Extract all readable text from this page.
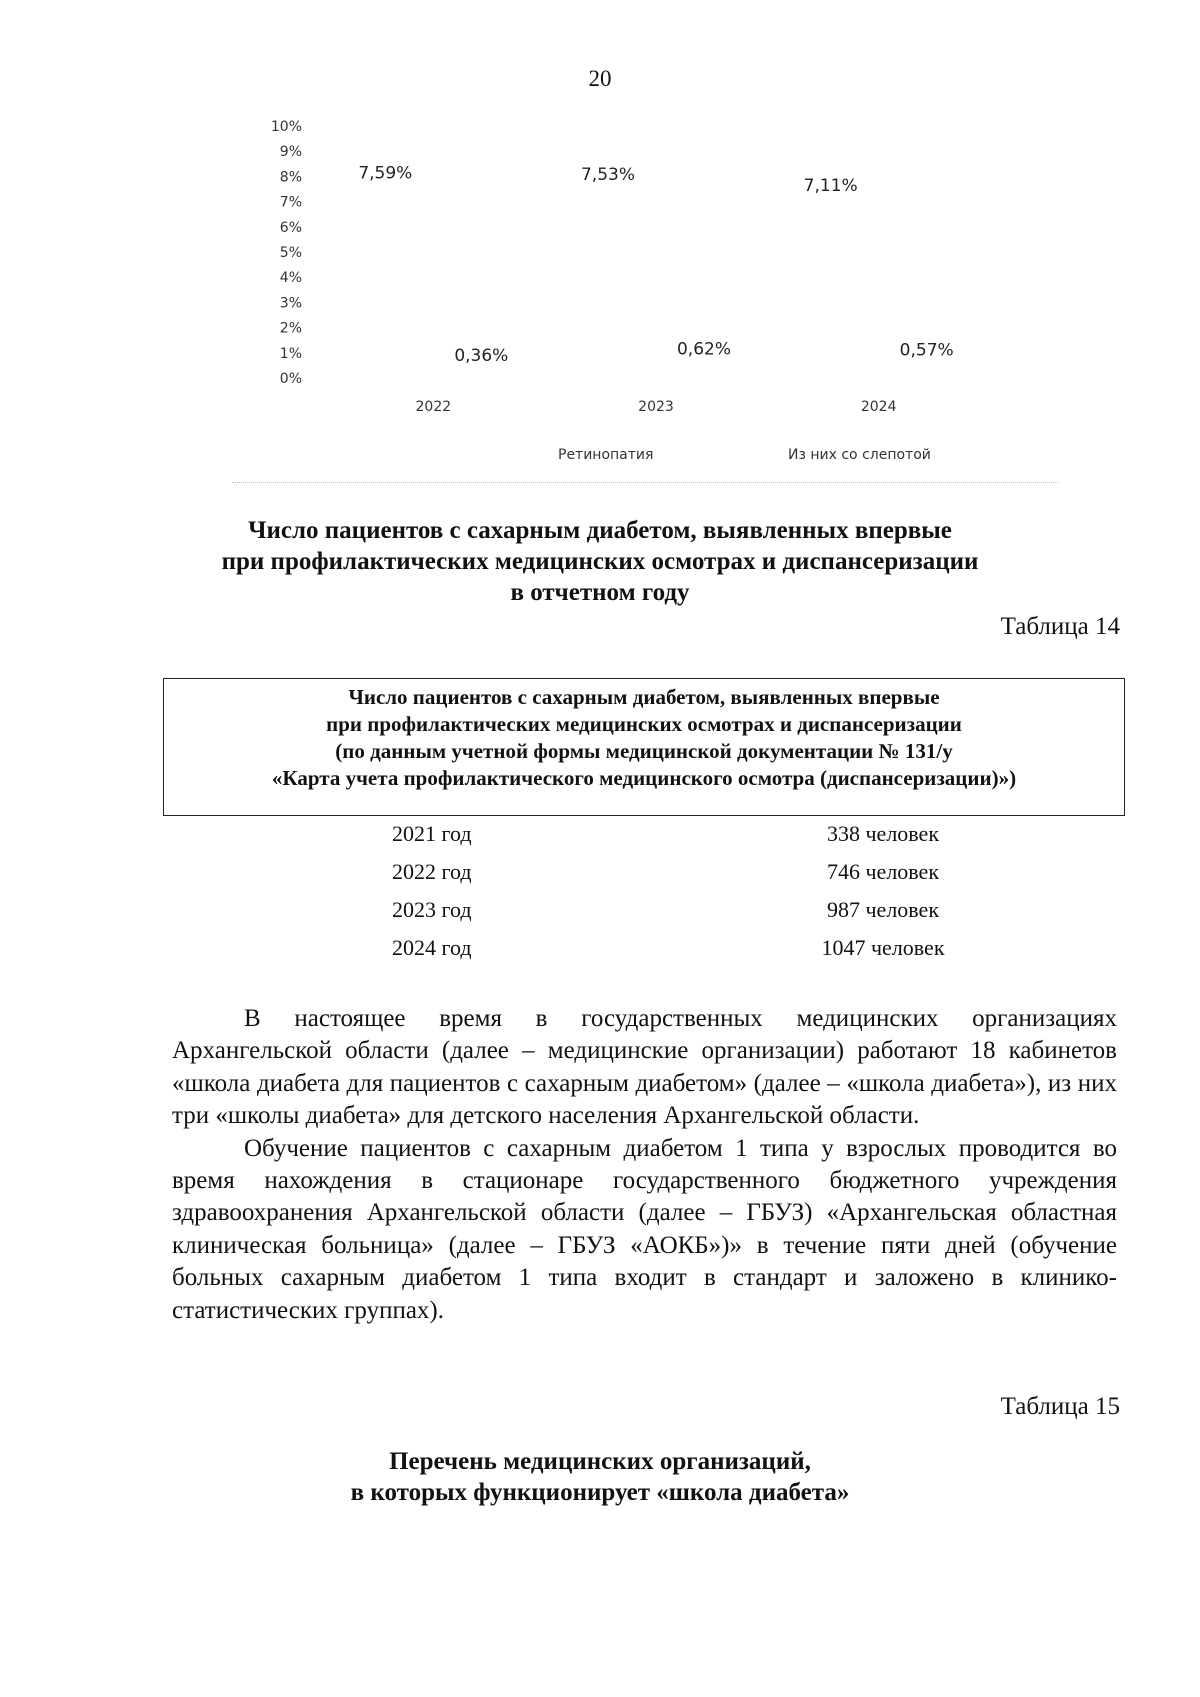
20
0%
1%
2%
3%
4%
5%
6%
7%
8%
9%
10%
7,59%
0,36%
2022
7,53%
0,62%
2023
7,11%
0,57%
2024
Ретинопатия	Из них со слепотой
Число пациентов с сахарным диабетом, выявленных впервые
при профилактических медицинских осмотрах и диспансеризации
в отчетном году
Таблица 14
Число пациентов с сахарным диабетом, выявленных впервые
при профилактических медицинских осмотрах и диспансеризации
(по данным учетной формы медицинской документации № 131/у
«Карта учета профилактического медицинского осмотра (диспансеризации)»)
2021 год	338 человек
2022 год	746 человек
2023 год	987 человек
2024 год	1047 человек

В настоящее время в государственных медицинских организациях Архангельской области (далее – медицинские организации) работают 18 кабинетов «школа диабета для пациентов с сахарным диабетом» (далее – «школа диабета»), из них три «школы диабета» для детского населения Архангельской области.

Обучение пациентов с сахарным диабетом 1 типа у взрослых проводится во время нахождения в стационаре государственного бюджетного учреждения здравоохранения Архангельской области (далее – ГБУЗ) «Архангельская областная клиническая больница» (далее – ГБУЗ «АОКБ»)» в течение пяти дней (обучение больных сахарным диабетом 1 типа входит в стандарт и заложено в клинико-статистических группах).

Таблица 15
Перечень медицинских организаций,
в которых функционирует «школа диабета»
